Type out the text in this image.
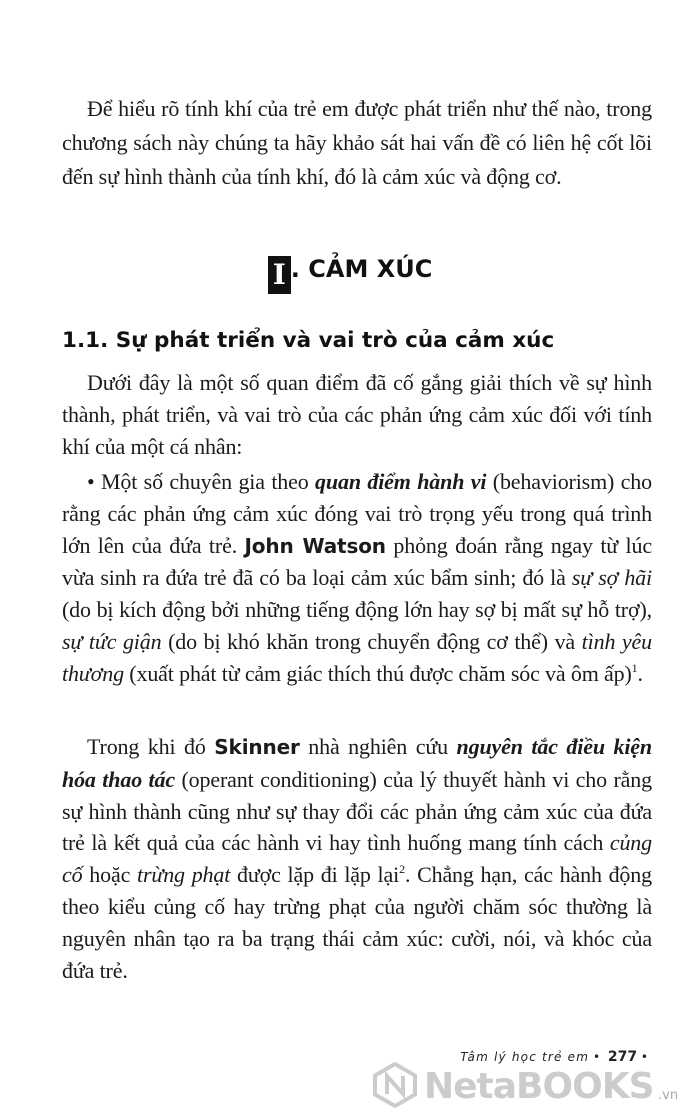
Để hiểu rõ tính khí của trẻ em được phát triển như thế nào, trong chương sách này chúng ta hãy khảo sát hai vấn đề có liên hệ cốt lõi đến sự hình thành của tính khí, đó là cảm xúc và động cơ.

I . CẢM XÚC
1.1. Sự phát triển và vai trò của cảm xúc

Dưới đây là một số quan điểm đã cố gắng giải thích về sự hình thành, phát triển, và vai trò của các phản ứng cảm xúc đối với tính khí của một cá nhân:

• Một số chuyên gia theo quan điểm hành vi (behaviorism) cho rằng các phản ứng cảm xúc đóng vai trò trọng yếu trong quá trình lớn lên của đứa trẻ. John Watson phỏng đoán rằng ngay từ lúc vừa sinh ra đứa trẻ đã có ba loại cảm xúc bẩm sinh; đó là sự sợ hãi (do bị kích động bởi những tiếng động lớn hay sợ bị mất sự hỗ trợ), sự tức giận (do bị khó khăn trong chuyển động cơ thể) và tình yêu thương (xuất phát từ cảm giác thích thú được chăm sóc và ôm ấp)$^1$.

Trong khi đó Skinner nhà nghiên cứu nguyên tắc điều kiện hóa thao tác (operant conditioning) của lý thuyết hành vi cho rằng sự hình thành cũng như sự thay đổi các phản ứng cảm xúc của đứa trẻ là kết quả của các hành vi hay tình huống mang tính cách củng cố hoặc trừng phạt được lặp đi lặp lại$^2$. Chẳng hạn, các hành động theo kiểu củng cố hay trừng phạt của người chăm sóc thường là nguyên nhân tạo ra ba trạng thái cảm xúc: cười, nói, và khóc của đứa trẻ.

Tâm lý học trẻ em • 277 •
NetaBOOKS .vn
